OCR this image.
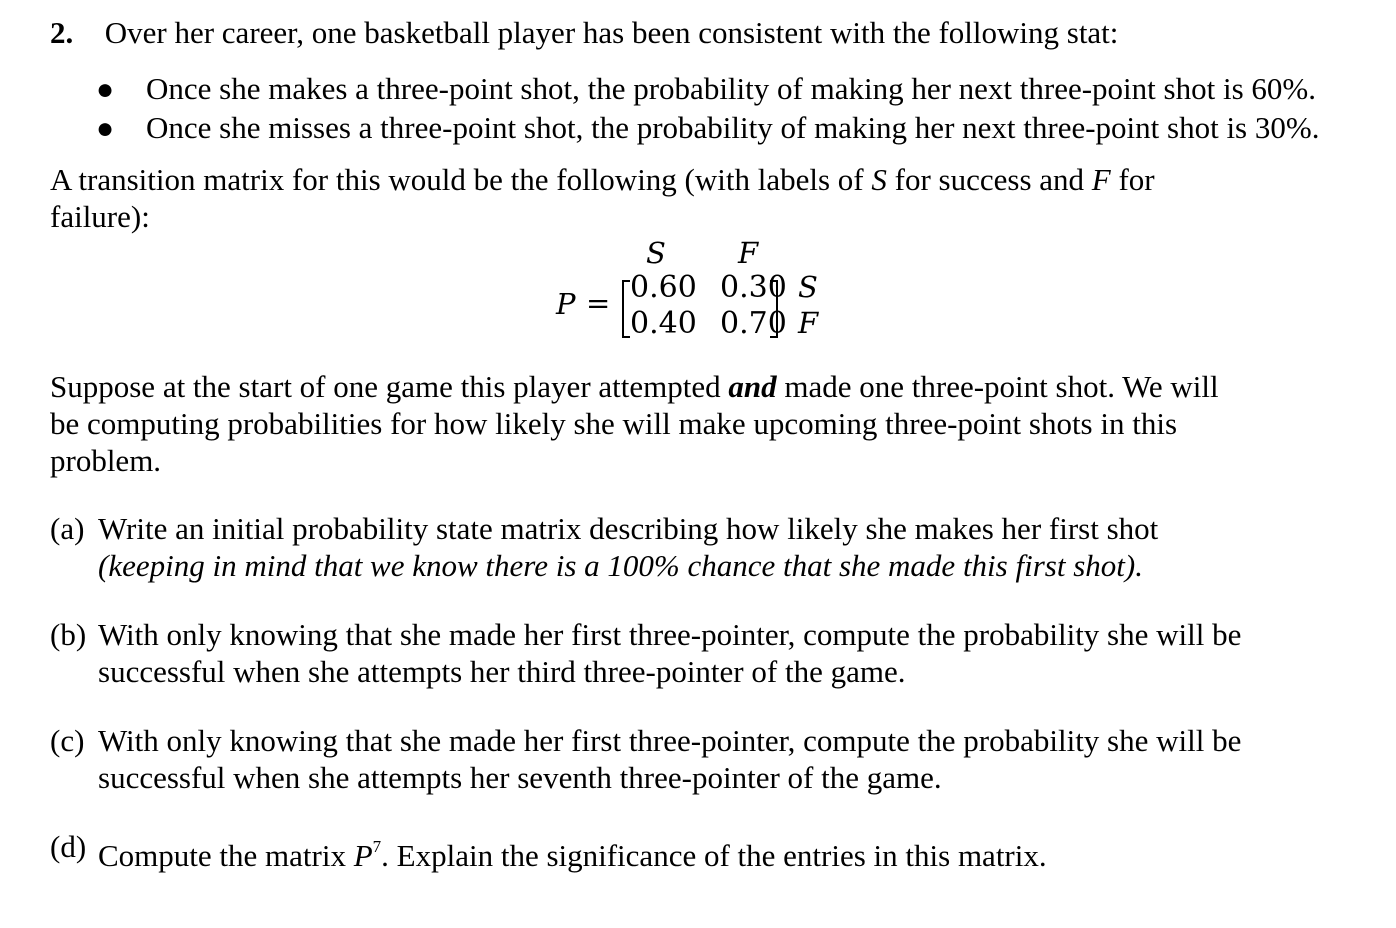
2. Over her career, one basketball player has been consistent with the following stat:
● Once she makes a three-point shot, the probability of making her next three-point shot is 60%.
● Once she misses a three-point shot, the probability of making her next three-point shot is 30%.
A transition matrix for this would be the following (with labels of S for success and F for
failure):
S F
P = 0.60 0.30
0.40 0.70
S
F
Suppose at the start of one game this player attempted and made one three-point shot. We will
be computing probabilities for how likely she will make upcoming three-point shots in this
problem.
(a) Write an initial probability state matrix describing how likely she makes her first shot
(keeping in mind that we know there is a 100% chance that she made this first shot).
(b) With only knowing that she made her first three-pointer, compute the probability she will be
successful when she attempts her third three-pointer of the game.
(c) With only knowing that she made her first three-pointer, compute the probability she will be
successful when she attempts her seventh three-pointer of the game.
(d) Compute the matrix $P^7$. Explain the significance of the entries in this matrix.
